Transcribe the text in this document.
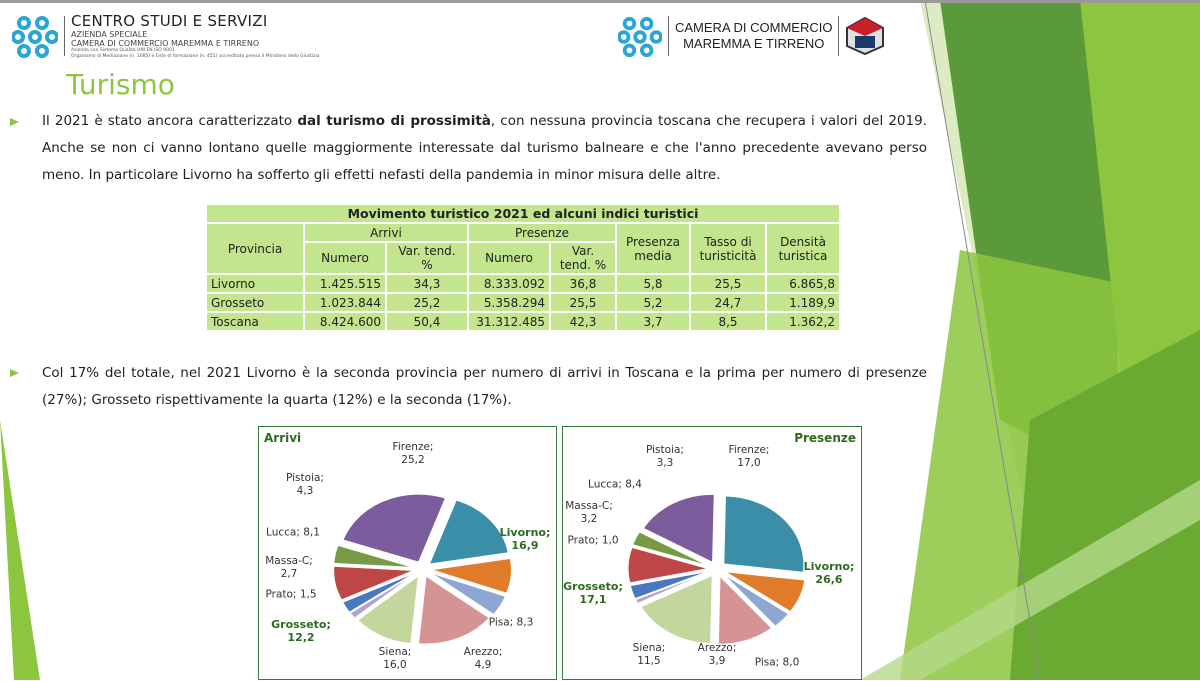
CENTRO STUDI E SERVIZI
AZIENDA SPECIALE
CAMERA DI COMMERCIO MAREMMA E TIRRENO
Azienda con Sistema Qualità UNI EN ISO 9001
Organismo di Mediazione (n. 1085) e Ente di formazione (n. 455) accreditato presso il Ministero della Giustizia
CAMERA DI COMMERCIO
MAREMMA E TIRRENO
Turismo

Il 2021 è stato ancora caratterizzato dal turismo di prossimità, con nessuna provincia toscana che recupera i valori del 2019. Anche se non ci vanno lontano quelle maggiormente interessate dal turismo balneare e che l'anno precedente avevano perso meno. In particolare Livorno ha sofferto gli effetti nefasti della pandemia in minor misura delle altre.

Movimento turistico 2021 ed alcuni indici turistici							
Provincia	Arrivi		Presenze		Presenza media	Tasso di turisticità	Densità turistica
	Numero	Var. tend. %	Numero	Var. tend. %			
Livorno	1.425.515	34,3	8.333.092	36,8	5,8	25,5	6.865,8
Grosseto	1.023.844	25,2	5.358.294	25,5	5,2	24,7	1.189,9
Toscana	8.424.600	50,4	31.312.485	42,3	3,7	8,5	1.362,2

Col 17% del totale, nel 2021 Livorno è la seconda provincia per numero di arrivi in Toscana e la prima per numero di presenze (27%); Grosseto rispettivamente la quarta (12%) e la seconda (17%).

Arrivi
Firenze;
25,2
Livorno;
16,9
Pisa; 8,3
Arezzo;
4,9
Siena;
16,0
Grosseto;
12,2
Prato; 1,5
Massa-C;
2,7
Lucca; 8,1
Pistoia;
4,3
Presenze
Firenze;
17,0
Livorno;
26,6
Pisa; 8,0
Arezzo;
3,9
Siena;
11,5
Grosseto;
17,1
Prato; 1,0
Massa-C;
3,2
Lucca; 8,4
Pistoia;
3,3
